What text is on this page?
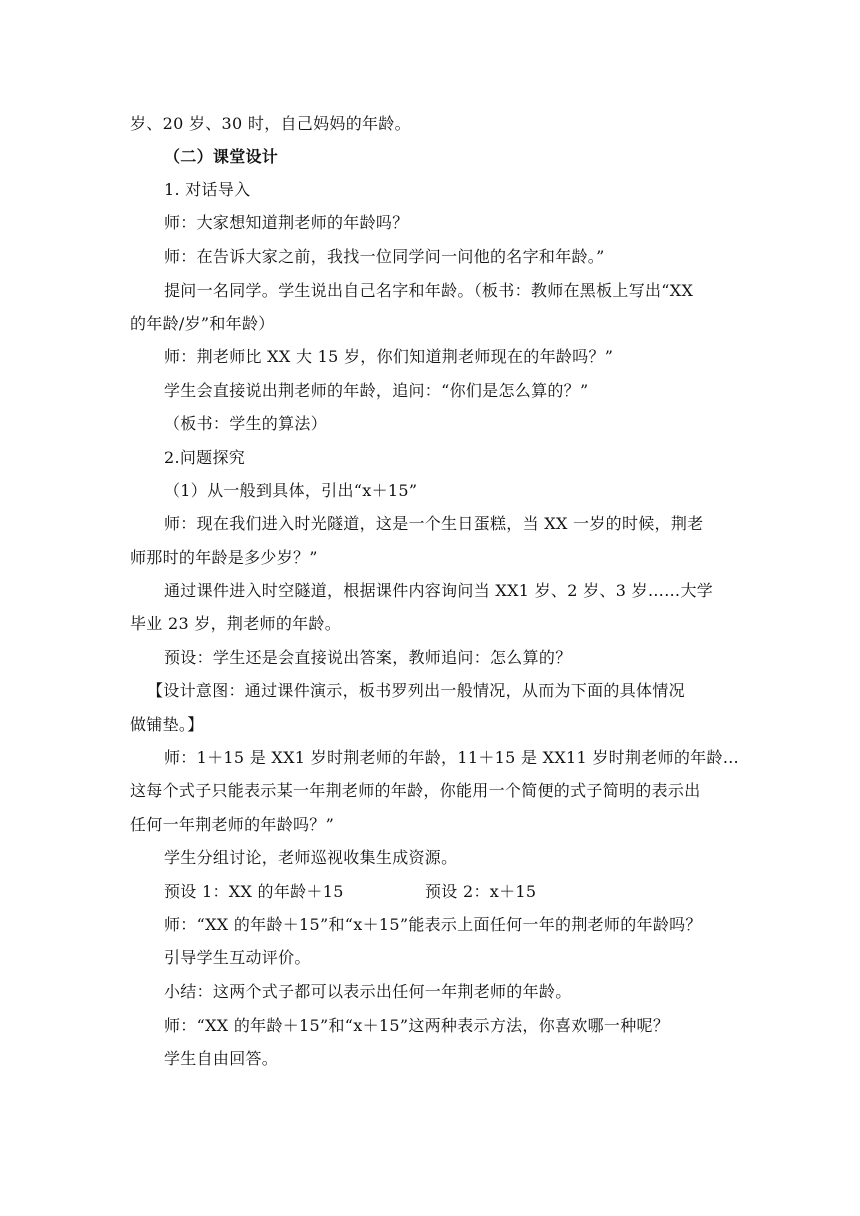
岁、20 岁、30 时，自己妈妈的年龄。
（二）课堂设计
1. 对话导入
师：大家想知道荆老师的年龄吗？
师：在告诉大家之前，我找一位同学问一问他的名字和年龄。”
提问一名同学。学生说出自己名字和年龄。（板书：教师在黑板上写出“XX
的年龄/岁”和年龄）
师：荆老师比 XX 大 15 岁，你们知道荆老师现在的年龄吗？”
学生会直接说出荆老师的年龄，追问：“你们是怎么算的？”
（板书：学生的算法）
2.问题探究
（1）从一般到具体，引出“x＋15”
师：现在我们进入时光隧道，这是一个生日蛋糕，当 XX 一岁的时候，荆老
师那时的年龄是多少岁？”
通过课件进入时空隧道，根据课件内容询问当 XX1 岁、2 岁、3 岁……大学
毕业 23 岁，荆老师的年龄。
预设：学生还是会直接说出答案，教师追问：怎么算的？
【设计意图：通过课件演示，板书罗列出一般情况，从而为下面的具体情况
做铺垫。】
师：1＋15 是 XX1 岁时荆老师的年龄，11＋15 是 XX11 岁时荆老师的年龄…
这每个式子只能表示某一年荆老师的年龄，你能用一个简便的式子简明的表示出
任何一年荆老师的年龄吗？”
学生分组讨论，老师巡视收集生成资源。
预设 1：XX 的年龄＋15	预设 2：x＋15
师：“XX 的年龄＋15”和“x＋15”能表示上面任何一年的荆老师的年龄吗？
引导学生互动评价。
小结：这两个式子都可以表示出任何一年荆老师的年龄。
师：“XX 的年龄＋15”和“x＋15”这两种表示方法，你喜欢哪一种呢？
学生自由回答。
